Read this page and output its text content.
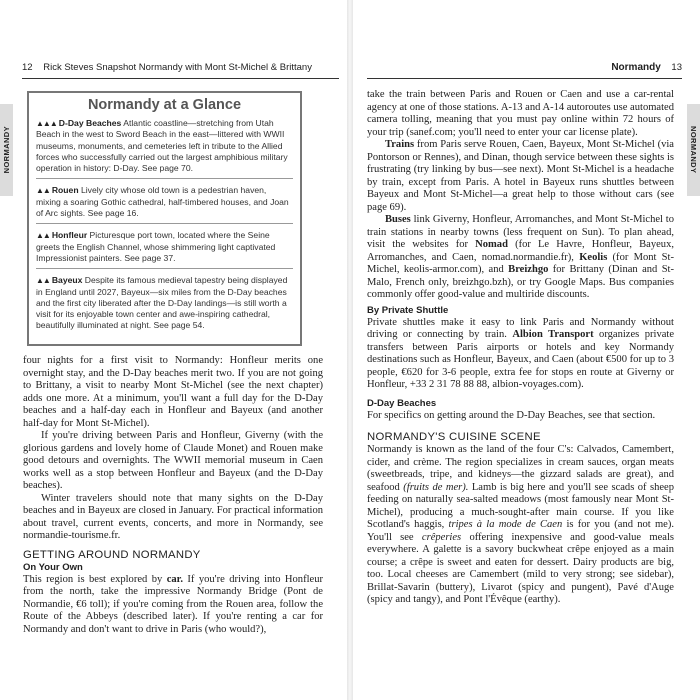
12 Rick Steves Snapshot Normandy with Mont St-Michel & Brittany
NORMANDY
Normandy at a Glance
▲▲▲ D-Day Beaches Atlantic coastline—stretching from Utah Beach in the west to Sword Beach in the east—littered with WWII museums, monuments, and cemeteries left in tribute to the Allied forces who successfully carried out the largest amphibious military operation in history: D-Day. See page 70.
▲▲ Rouen Lively city whose old town is a pedestrian haven, mixing a soaring Gothic cathedral, half-timbered houses, and Joan of Arc sights. See page 16.
▲▲ Honfleur Picturesque port town, located where the Seine greets the English Channel, whose shimmering light captivated Impressionist painters. See page 37.
▲▲ Bayeux Despite its famous medieval tapestry being displayed in England until 2027, Bayeux—six miles from the D-Day beaches and the first city liberated after the D-Day landings—is still worth a visit for its enjoyable town center and awe-inspiring cathedral, beautifully illuminated at night. See page 54.

four nights for a first visit to Normandy: Honfleur merits one overnight stay, and the D-Day beaches merit two. If you are not going to Brittany, a visit to nearby Mont St-Michel (see the next chapter) adds one more. At a minimum, you'll want a full day for the D-Day beaches and a half-day each in Honfleur and Bayeux (and another half-day for Mont St-Michel).

If you're driving between Paris and Honfleur, Giverny (with the glorious gardens and lovely home of Claude Monet) and Rouen make good detours and overnights. The WWII memorial museum in Caen works well as a stop between Honfleur and Bayeux (and the D-Day beaches).

Winter travelers should note that many sights on the D-Day beaches and in Bayeux are closed in January. For practical information about travel, current events, concerts, and more in Normandy, see normandie-tourisme.fr.

GETTING AROUND NORMANDY
On Your Own

This region is best explored by car. If you're driving into Honfleur from the north, take the impressive Normandy Bridge (Pont de Normandie, €6 toll); if you're coming from the Rouen area, follow the Route of the Abbeys (described later). If you're renting a car for Normandy and don't want to drive in Paris (who would?),

Normandy 13
NORMANDY

take the train between Paris and Rouen or Caen and use a car-rental agency at one of those stations. A-13 and A-14 autoroutes use automated camera tolling, meaning that you must pay online within 72 hours of your trip (sanef.com; you'll need to enter your car license plate).

Trains from Paris serve Rouen, Caen, Bayeux, Mont St-Michel (via Pontorson or Rennes), and Dinan, though service between these sights is frustrating (try linking by bus—see next). Mont St-Michel is a headache by train, except from Paris. A hotel in Bayeux runs shuttles between Bayeux and Mont St-Michel—a great help to those without cars (see page 69).

Buses link Giverny, Honfleur, Arromanches, and Mont St-Michel to train stations in nearby towns (less frequent on Sun). To plan ahead, visit the websites for Nomad (for Le Havre, Honfleur, Bayeux, Arromanches, and Caen, nomad.normandie.fr), Keolis (for Mont St-Michel, keolis-armor.com), and Breizhgo for Brittany (Dinan and St-Malo, French only, breizhgo.bzh), or try Google Maps. Bus companies commonly offer good-value and multiride discounts.

By Private Shuttle

Private shuttles make it easy to link Paris and Normandy without driving or connecting by train. Albion Transport organizes private transfers between Paris airports or hotels and key Normandy destinations such as Honfleur, Bayeux, and Caen (about €500 for up to 3 people, €620 for 3-6 people, extra fee for stops en route at Giverny or Honfleur, +33 2 31 78 88 88, albion-voyages.com).

D-Day Beaches

For specifics on getting around the D-Day Beaches, see that section.

NORMANDY'S CUISINE SCENE

Normandy is known as the land of the four C's: Calvados, Camembert, cider, and crème. The region specializes in cream sauces, organ meats (sweetbreads, tripe, and kidneys—the gizzard salads are great), and seafood (fruits de mer). Lamb is big here and you'll see scads of sheep feeding on naturally sea-salted meadows (most famously near Mont St-Michel), producing a much-sought-after main course. If you like Scotland's haggis, tripes à la mode de Caen is for you (and not me). You'll see crêperies offering inexpensive and good-value meals everywhere. A galette is a savory buckwheat crêpe enjoyed as a main course; a crêpe is sweet and eaten for dessert. Dairy products are big, too. Local cheeses are Camembert (mild to very strong; see sidebar), Brillat-Savarin (buttery), Livarot (spicy and pungent), Pavé d'Auge (spicy and tangy), and Pont l'Évêque (earthy).
